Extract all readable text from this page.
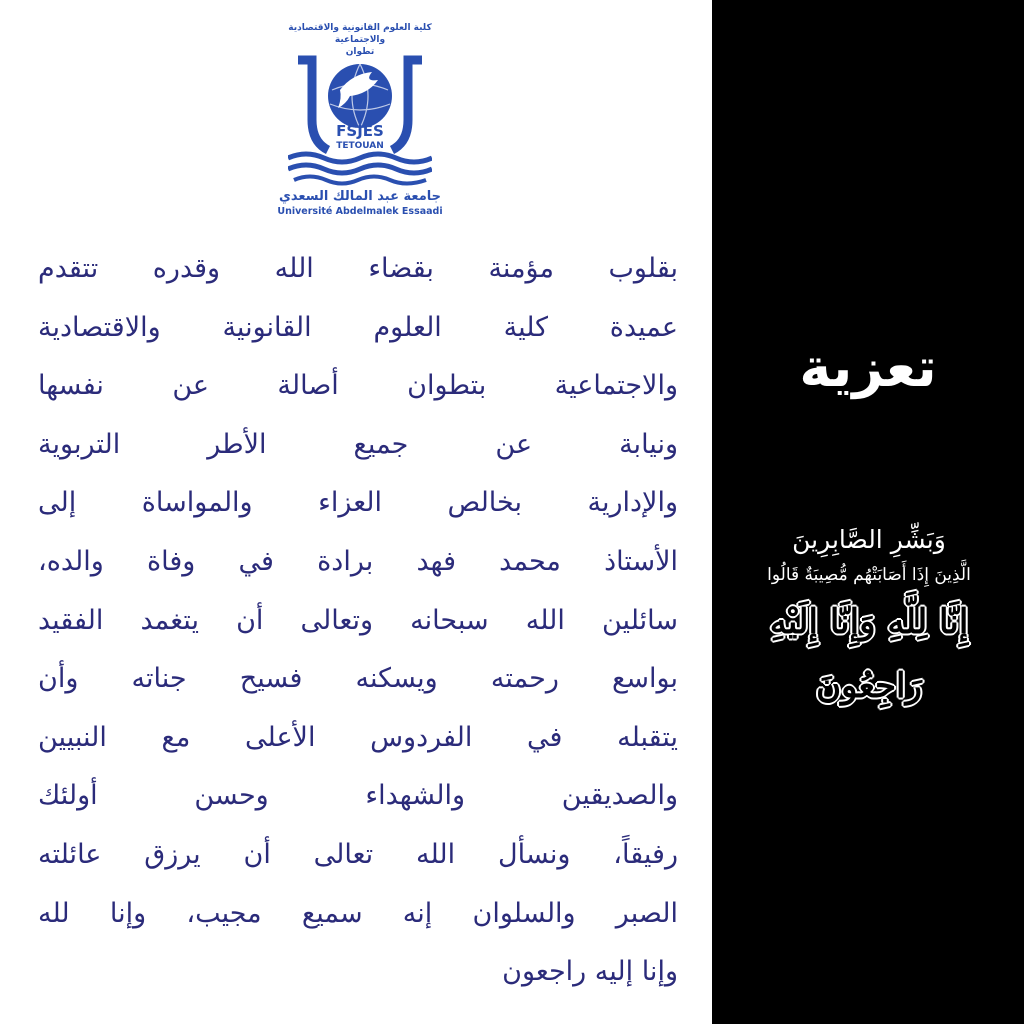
كلية العلوم القانونية والاقتصادية والاجتماعية
تطوان
FSJES
TETOUAN
جامعة عبد المالك السعدي
Université Abdelmalek Essaadi
بقلوب مؤمنة بقضاء الله وقدره تتقدم
عميدة كلية العلوم القانونية والاقتصادية
والاجتماعية بتطوان أصالة عن نفسها
ونيابة عن جميع الأطر التربوية
والإدارية بخالص العزاء والمواساة إلى
الأستاذ محمد فهد برادة في وفاة والده،
سائلين الله سبحانه وتعالى أن يتغمد الفقيد
بواسع رحمته ويسكنه فسيح جناته وأن
يتقبله في الفردوس الأعلى مع النبيين
والصديقين والشهداء وحسن أولئك
رفيقاً، ونسأل الله تعالى أن يرزق عائلته
الصبر والسلوان إنه سميع مجيب، وإنا لله
وإنا إليه راجعون
تعزية
وَبَشِّرِ الصَّابِرِينَ
الَّذِينَ إِذَا أَصَابَتْهُم مُّصِيبَةٌ قَالُوا
إِنَّا لِلَّهِ وَإِنَّا إِلَيْهِ رَاجِعُونَ
